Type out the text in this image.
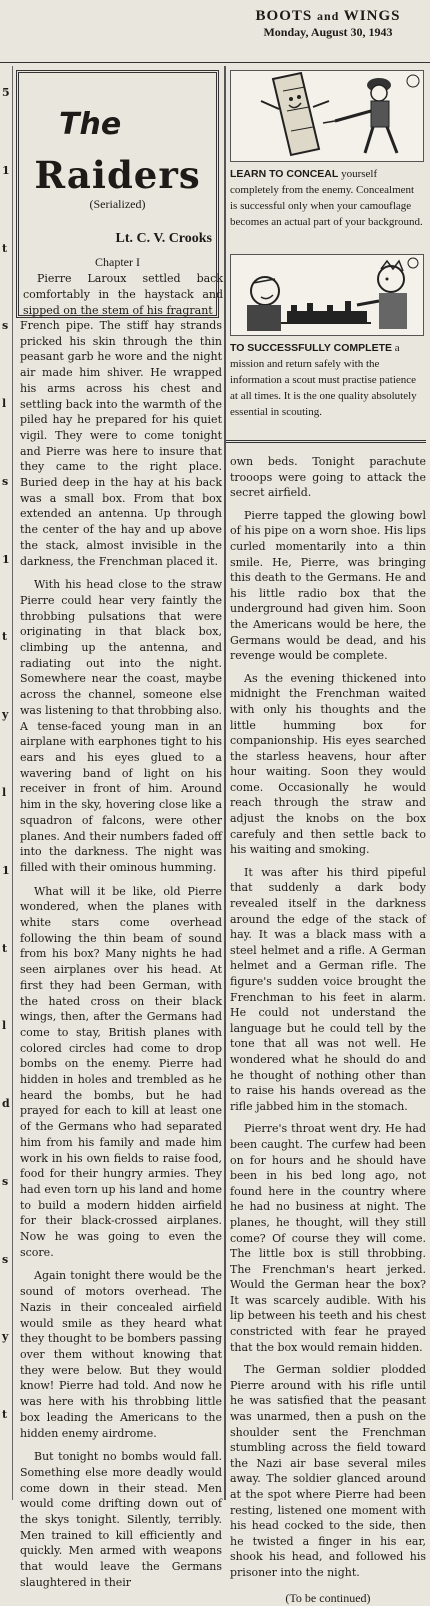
BOOTS and WINGS
Monday, August 30, 1943
5
1
t
s
l
s
1
t
y
l
1
t
l
d
s
s
y
t
The
Raiders
(Serialized)
Lt. C. V. Crooks
Chapter I
Pierre Laroux settled back comfortably in the haystack and sipped on the stem of his fragrant

French pipe. The stiff hay strands pricked his skin through the thin peasant garb he wore and the night air made him shiver. He wrapped his arms across his chest and settling back into the warmth of the piled hay he prepared for his quiet vigil. They were to come tonight and Pierre was here to insure that they came to the right place. Buried deep in the hay at his back was a small box. From that box extended an antenna. Up through the center of the hay and up above the stack, almost invisible in the darkness, the Frenchman placed it.

With his head close to the straw Pierre could hear very faintly the throbbing pulsations that were originating in that black box, climbing up the antenna, and radiating out into the night. Somewhere near the coast, maybe across the channel, someone else was listening to that throbbing also. A tense-faced young man in an airplane with earphones tight to his ears and his eyes glued to a wavering band of light on his receiver in front of him. Around him in the sky, hovering close like a squadron of falcons, were other planes. And their numbers faded off into the darkness. The night was filled with their ominous humming.

What will it be like, old Pierre wondered, when the planes with white stars come overhead following the thin beam of sound from his box? Many nights he had seen airplanes over his head. At first they had been German, with the hated cross on their black wings, then, after the Germans had come to stay, British planes with colored circles had come to drop bombs on the enemy. Pierre had hidden in holes and trembled as he heard the bombs, but he had prayed for each to kill at least one of the Germans who had separated him from his family and made him work in his own fields to raise food, food for their hungry armies. They had even torn up his land and home to build a modern hidden airfield for their black-crossed airplanes. Now he was going to even the score.

Again tonight there would be the sound of motors overhead. The Nazis in their concealed airfield would smile as they heard what they thought to be bombers passing over them without knowing that they were below. But they would know! Pierre had told. And now he was here with his throbbing little box leading the Americans to the hidden enemy airdrome.

But tonight no bombs would fall. Something else more deadly would come down in their stead. Men would come drifting down out of the skys tonight. Silently, terribly. Men trained to kill efficiently and quickly. Men armed with weapons that would leave the Germans slaughtered in their

LEARN TO CONCEAL yourself completely from the enemy. Concealment is successful only when your camouflage becomes an actual part of your background.
TO SUCCESSFULLY COMPLETE a mission and return safely with the information a scout must practise patience at all times. It is the one quality absolutely essential in scouting.

own beds. Tonight parachute trooops were going to attack the secret airfield.

Pierre tapped the glowing bowl of his pipe on a worn shoe. His lips curled momentarily into a thin smile. He, Pierre, was bringing this death to the Germans. He and his little radio box that the underground had given him. Soon the Americans would be here, the Germans would be dead, and his revenge would be complete.

As the evening thickened into midnight the Frenchman waited with only his thoughts and the little humming box for companionship. His eyes searched the starless heavens, hour after hour waiting. Soon they would come. Occasionally he would reach through the straw and adjust the knobs on the box carefuly and then settle back to his waiting and smoking.

It was after his third pipeful that suddenly a dark body revealed itself in the darkness around the edge of the stack of hay. It was a black mass with a steel helmet and a rifle. A German helmet and a German rifle. The figure's sudden voice brought the Frenchman to his feet in alarm. He could not understand the language but he could tell by the tone that all was not well. He wondered what he should do and he thought of nothing other than to raise his hands overead as the rifle jabbed him in the stomach.

Pierre's throat went dry. He had been caught. The curfew had been on for hours and he should have been in his bed long ago, not found here in the country where he had no business at night. The planes, he thought, will they still come? Of course they will come. The little box is still throbbing. The Frenchman's heart jerked. Would the German hear the box? It was scarcely audible. With his lip between his teeth and his chest constricted with fear he prayed that the box would remain hidden.

The German soldier plodded Pierre around with his rifle until he was satisfied that the peasant was unarmed, then a push on the shoulder sent the Frenchman stumbling across the field toward the Nazi air base several miles away. The soldier glanced around at the spot where Pierre had been resting, listened one moment with his head cocked to the side, then he twisted a finger in his ear, shook his head, and followed his prisoner into the night.

(To be continued)
